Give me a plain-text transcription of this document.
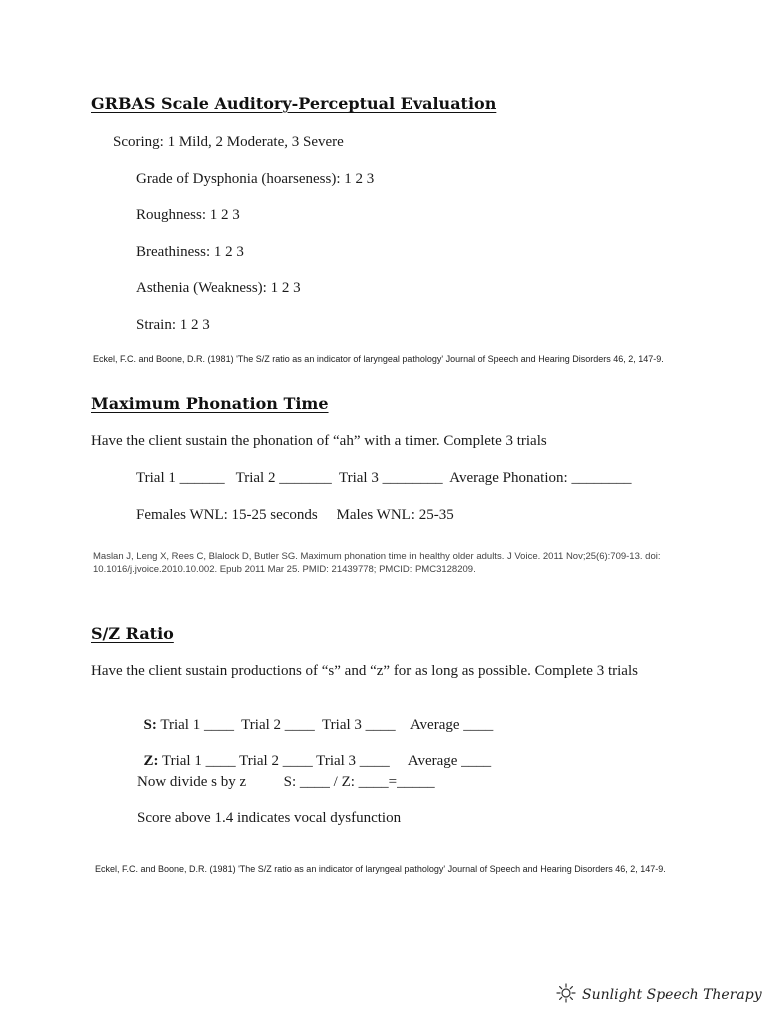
GRBAS Scale Auditory-Perceptual Evaluation
Scoring: 1 Mild, 2 Moderate, 3 Severe
Grade of Dysphonia (hoarseness): 1 2 3
Roughness: 1 2 3
Breathiness: 1 2 3
Asthenia (Weakness): 1 2 3
Strain: 1 2 3
Eckel, F.C. and Boone, D.R. (1981) 'The S/Z ratio as an indicator of laryngeal pathology' Journal of Speech and Hearing Disorders 46, 2, 147-9.
Maximum Phonation Time
Have the client sustain the phonation of “ah” with a timer. Complete 3 trials
Trial 1 ______   Trial 2 _______  Trial 3 ________  Average Phonation: ________
Females WNL: 15-25 seconds     Males WNL: 25-35
Maslan J, Leng X, Rees C, Blalock D, Butler SG. Maximum phonation time in healthy older adults. J Voice. 2011 Nov;25(6):709-13. doi: 10.1016/j.jvoice.2010.10.002. Epub 2011 Mar 25. PMID: 21439778; PMCID: PMC3128209.
S/Z Ratio
Have the client sustain productions of “s” and “z” for as long as possible. Complete 3 trials

S: Trial 1 ____  Trial 2 ____  Trial 3 ____    Average ____

Z: Trial 1 ____ Trial 2 ____ Trial 3 ____     Average ____

Now divide s by z          S: ____ / Z: ____=_____
Score above 1.4 indicates vocal dysfunction
Eckel, F.C. and Boone, D.R. (1981) 'The S/Z ratio as an indicator of laryngeal pathology' Journal of Speech and Hearing Disorders 46, 2, 147-9.
Sunlight Speech Therapy
